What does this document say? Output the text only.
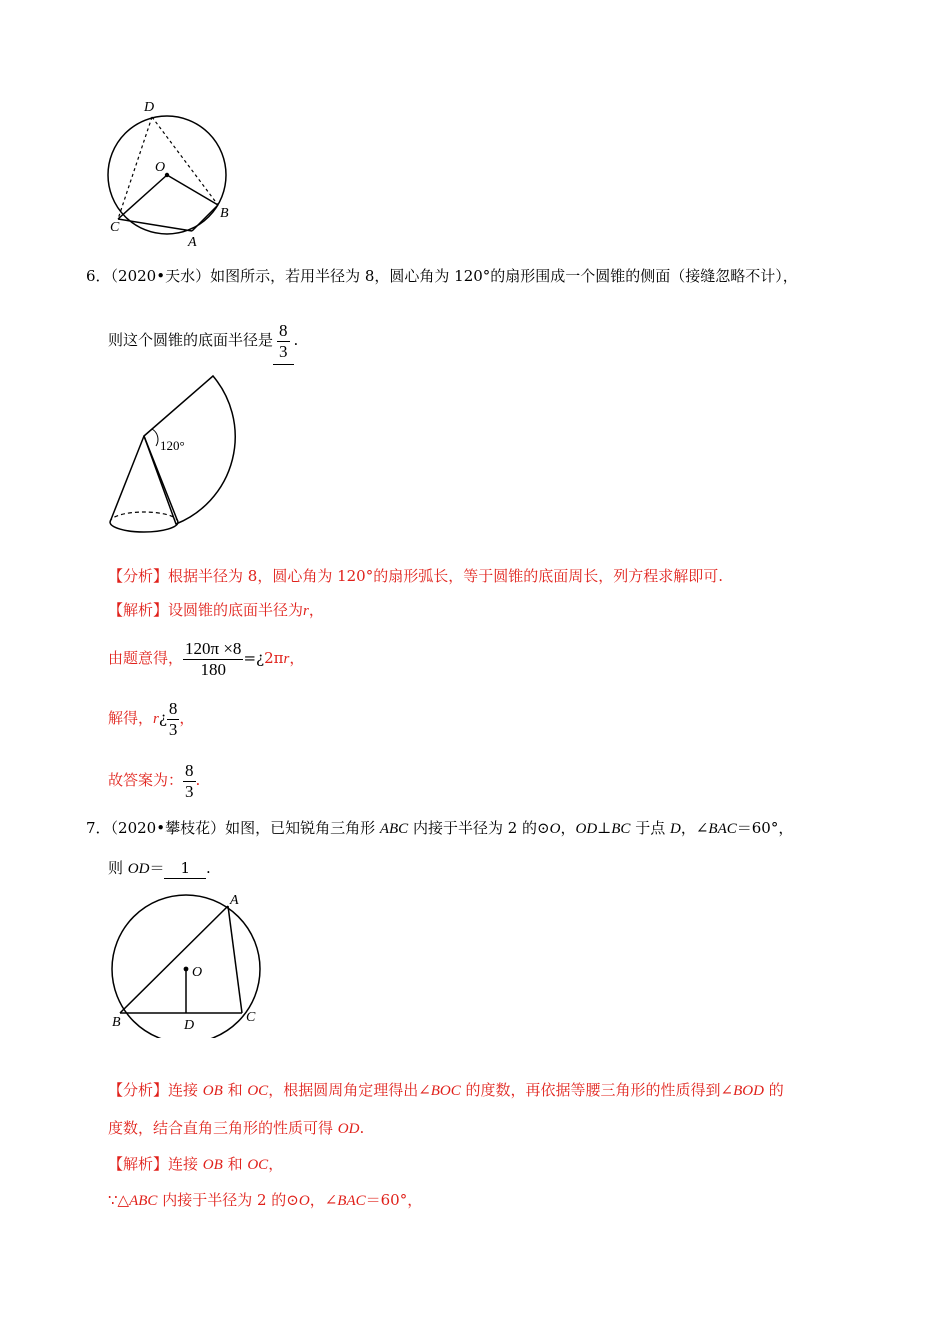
D
O
C
A
B
6．（2020•天水）如图所示，若用半径为 8，圆心角为 120°的扇形围成一个圆锥的侧面（接缝忽略不计），
则这个圆锥的底面半径是 $\frac{8}{3}$ .
120°
【分析】根据半径为 8，圆心角为 120°的扇形弧长，等于圆锥的底面周长，列方程求解即可.
【解析】设圆锥的底面半径为r，
由题意得， $\frac{120\pi \times 8}{180}$ =¿2πr，
解得，r¿ $\frac{8}{3}$ ，
故答案为： $\frac{8}{3}$ .
7．（2020•攀枝花）如图，已知锐角三角形 ABC 内接于半径为 2 的⊙O，OD⊥BC 于点 D，∠BAC＝60°，
则 OD＝ 1 .
A
O
B	D
C
【分析】连接 OB 和 OC，根据圆周角定理得出∠BOC 的度数，再依据等腰三角形的性质得到∠BOD 的
度数，结合直角三角形的性质可得 OD.
【解析】连接 OB 和 OC，
∵△ABC 内接于半径为 2 的⊙O，∠BAC＝60°，
